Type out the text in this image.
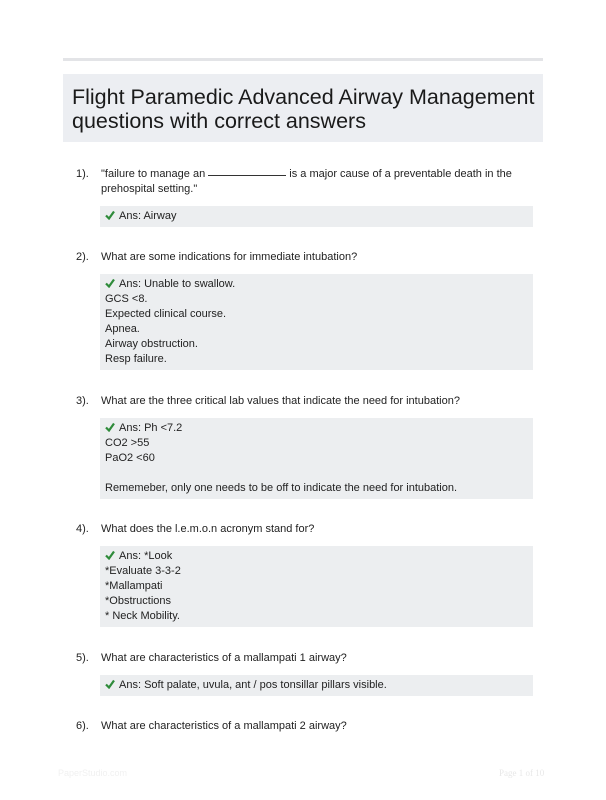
Flight Paramedic Advanced Airway Management questions with correct answers
1). "failure to manage an	is a major cause of a preventable death in the prehospital setting."
Ans: Airway
2). What are some indications for immediate intubation?
Ans: Unable to swallow.
GCS <8.
Expected clinical course.
Apnea.
Airway obstruction.
Resp failure.
3). What are the three critical lab values that indicate the need for intubation?
Ans: Ph <7.2
CO2 >55
PaO2 <60
Rememeber, only one needs to be off to indicate the need for intubation.
4). What does the l.e.m.o.n acronym stand for?
Ans: *Look
*Evaluate 3-3-2
*Mallampati
*Obstructions
* Neck Mobility.
5). What are characteristics of a mallampati 1 airway?
Ans: Soft palate, uvula, ant / pos tonsillar pillars visible.
6). What are characteristics of a mallampati 2 airway?
PaperStudio.com	Page 1 of 10
